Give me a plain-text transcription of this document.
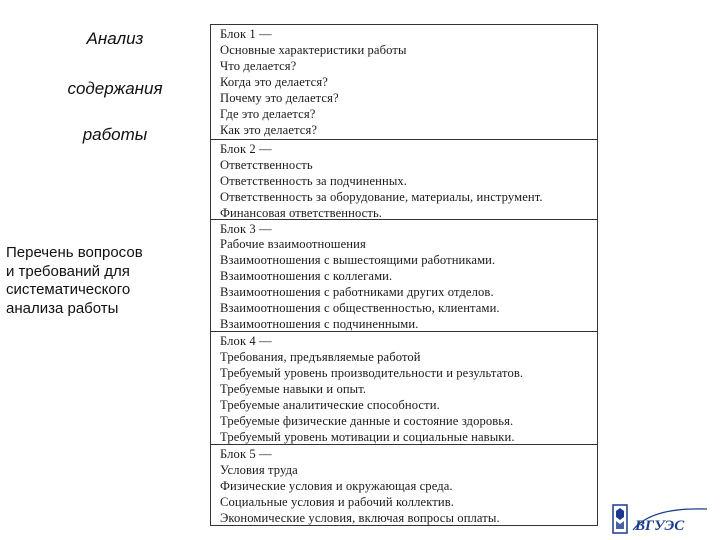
Анализ
содержания
работы
Перечень вопросов
и требований для
систематического
анализа работы
Блок 1 —
Основные характеристики работы
Что делается?
Когда это делается?
Почему это делается?
Где это делается?
Как это делается?
Блок 2 —
Ответственность
Ответственность за подчиненных.
Ответственность за оборудование, материалы, инструмент.
Финансовая ответственность.
Блок 3 —
Рабочие взаимоотношения
Взаимоотношения с вышестоящими работниками.
Взаимоотношения с коллегами.
Взаимоотношения с работниками других отделов.
Взаимоотношения с общественностью, клиентами.
Взаимоотношения с подчиненными.
Блок 4 —
Требования, предъявляемые работой
Требуемый уровень производительности и результатов.
Требуемые навыки и опыт.
Требуемые аналитические способности.
Требуемые физические данные и состояние здоровья.
Требуемый уровень мотивации и социальные навыки.
Блок 5 —
Условия труда
Физические условия и окружающая среда.
Социальные условия и рабочий коллектив.
Экономические условия, включая вопросы оплаты.	ВГУЭС
